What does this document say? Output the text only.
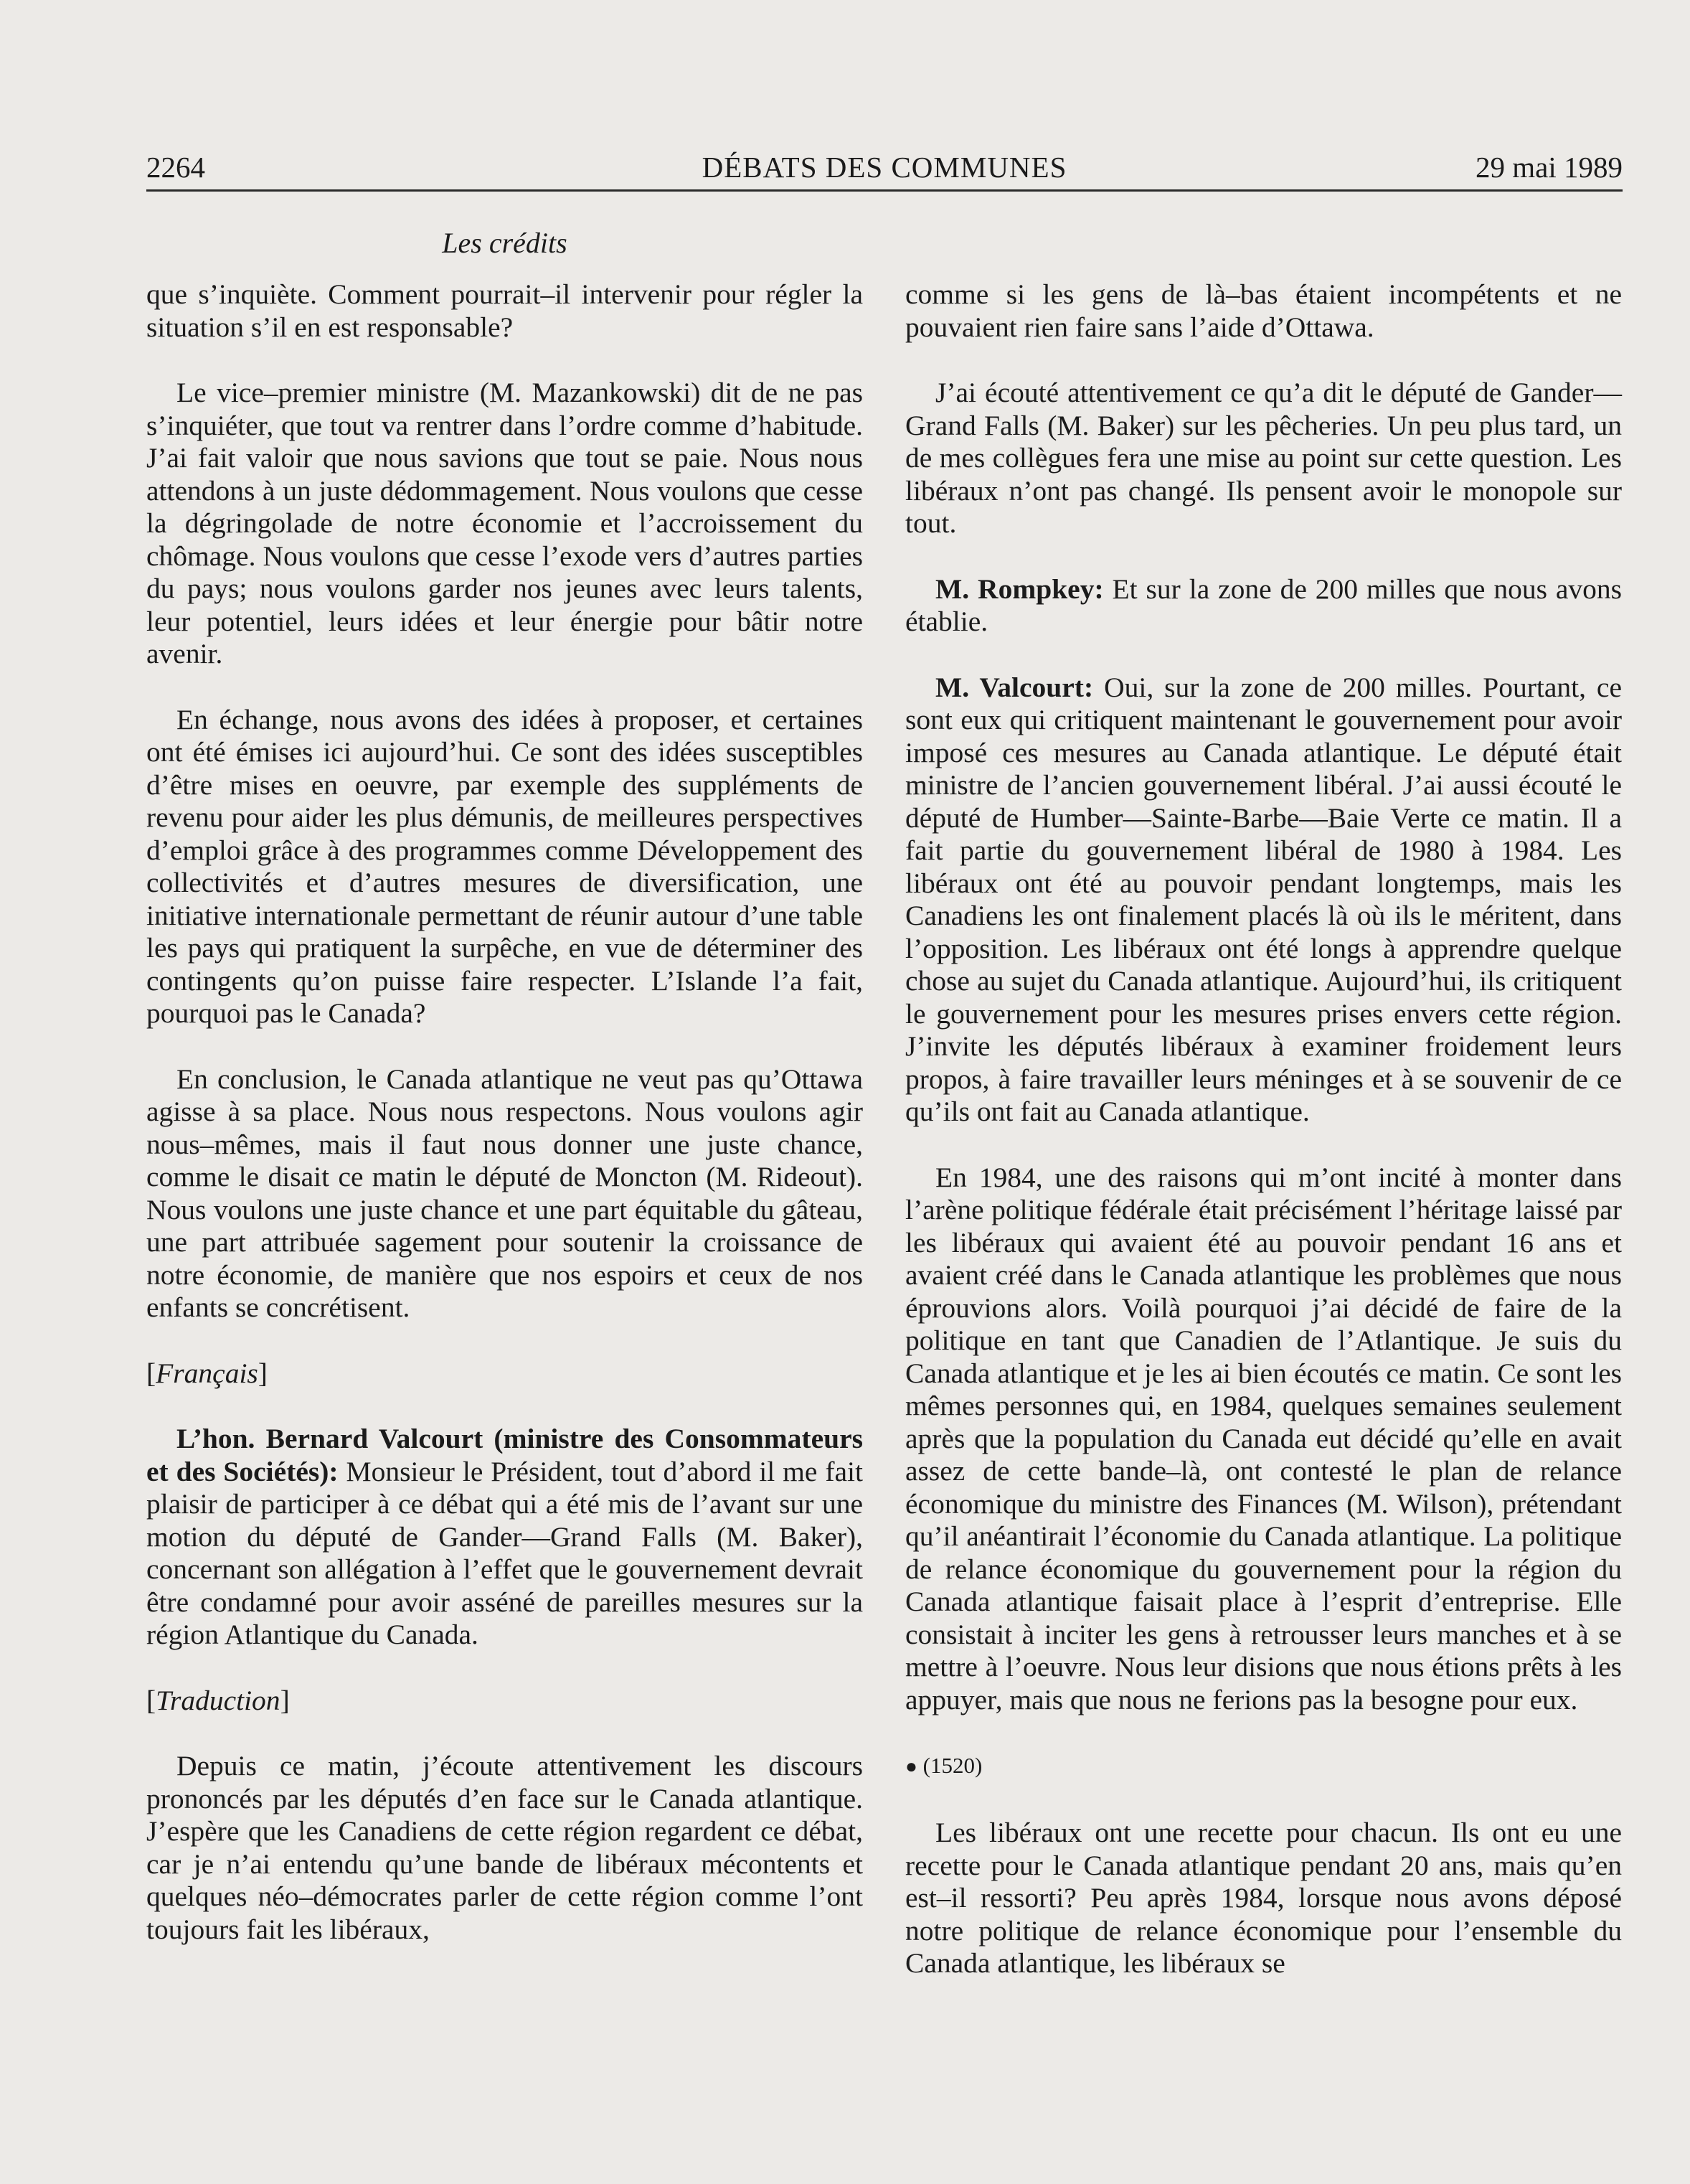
2264	DÉBATS DES COMMUNES	29 mai 1989
Les crédits

que s’inquiète. Comment pourrait–il intervenir pour régler la situation s’il en est responsable?

Le vice–premier ministre (M. Mazankowski) dit de ne pas s’inquiéter, que tout va rentrer dans l’ordre comme d’habitude. J’ai fait valoir que nous savions que tout se paie. Nous nous attendons à un juste dédommagement. Nous voulons que cesse la dégringolade de notre économie et l’accroissement du chômage. Nous voulons que cesse l’exode vers d’autres parties du pays; nous voulons garder nos jeunes avec leurs talents, leur potentiel, leurs idées et leur énergie pour bâtir notre avenir.

En échange, nous avons des idées à proposer, et certaines ont été émises ici aujourd’hui. Ce sont des idées susceptibles d’être mises en oeuvre, par exemple des suppléments de revenu pour aider les plus démunis, de meilleures perspectives d’emploi grâce à des programmes comme Développement des collectivités et d’autres mesures de diversification, une initiative internationale permettant de réunir autour d’une table les pays qui pratiquent la surpêche, en vue de déterminer des contingents qu’on puisse faire respecter. L’Islande l’a fait, pourquoi pas le Canada?

En conclusion, le Canada atlantique ne veut pas qu’Ottawa agisse à sa place. Nous nous respectons. Nous voulons agir nous–mêmes, mais il faut nous donner une juste chance, comme le disait ce matin le député de Moncton (M. Rideout). Nous voulons une juste chance et une part équitable du gâteau, une part attribuée sagement pour soutenir la croissance de notre économie, de manière que nos espoirs et ceux de nos enfants se concrétisent.

[Français]

L’hon. Bernard Valcourt (ministre des Consommateurs et des Sociétés): Monsieur le Président, tout d’abord il me fait plaisir de participer à ce débat qui a été mis de l’avant sur une motion du député de Gander—Grand Falls (M. Baker), concernant son allégation à l’effet que le gouvernement devrait être condamné pour avoir asséné de pareilles mesures sur la région Atlantique du Canada.

[Traduction]

Depuis ce matin, j’écoute attentivement les discours prononcés par les députés d’en face sur le Canada atlantique. J’espère que les Canadiens de cette région regardent ce débat, car je n’ai entendu qu’une bande de libéraux mécontents et quelques néo–démocrates parler de cette région comme l’ont toujours fait les libéraux,

comme si les gens de là–bas étaient incompétents et ne pouvaient rien faire sans l’aide d’Ottawa.

J’ai écouté attentivement ce qu’a dit le député de Gander—Grand Falls (M. Baker) sur les pêcheries. Un peu plus tard, un de mes collègues fera une mise au point sur cette question. Les libéraux n’ont pas changé. Ils pensent avoir le monopole sur tout.

M. Rompkey: Et sur la zone de 200 milles que nous avons établie.

M. Valcourt: Oui, sur la zone de 200 milles. Pourtant, ce sont eux qui critiquent maintenant le gouvernement pour avoir imposé ces mesures au Canada atlantique. Le député était ministre de l’ancien gouvernement libéral. J’ai aussi écouté le député de Humber—Sainte-Barbe—Baie Verte ce matin. Il a fait partie du gouvernement libéral de 1980 à 1984. Les libéraux ont été au pouvoir pendant longtemps, mais les Canadiens les ont finalement placés là où ils le méritent, dans l’opposition. Les libéraux ont été longs à apprendre quelque chose au sujet du Canada atlantique. Aujourd’hui, ils critiquent le gouvernement pour les mesures prises envers cette région. J’invite les députés libéraux à examiner froidement leurs propos, à faire travailler leurs méninges et à se souvenir de ce qu’ils ont fait au Canada atlantique.

En 1984, une des raisons qui m’ont incité à monter dans l’arène politique fédérale était précisément l’héritage laissé par les libéraux qui avaient été au pouvoir pendant 16 ans et avaient créé dans le Canada atlantique les problèmes que nous éprouvions alors. Voilà pourquoi j’ai décidé de faire de la politique en tant que Canadien de l’Atlantique. Je suis du Canada atlantique et je les ai bien écoutés ce matin. Ce sont les mêmes personnes qui, en 1984, quelques semaines seulement après que la population du Canada eut décidé qu’elle en avait assez de cette bande–là, ont contesté le plan de relance économique du ministre des Finances (M. Wilson), prétendant qu’il anéantirait l’économie du Canada atlantique. La politique de relance économique du gouvernement pour la région du Canada atlantique faisait place à l’esprit d’entreprise. Elle consistait à inciter les gens à retrousser leurs manches et à se mettre à l’oeuvre. Nous leur disions que nous étions prêts à les appuyer, mais que nous ne ferions pas la besogne pour eux.

● (1520)

Les libéraux ont une recette pour chacun. Ils ont eu une recette pour le Canada atlantique pendant 20 ans, mais qu’en est–il ressorti? Peu après 1984, lorsque nous avons déposé notre politique de relance économique pour l’ensemble du Canada atlantique, les libéraux se
